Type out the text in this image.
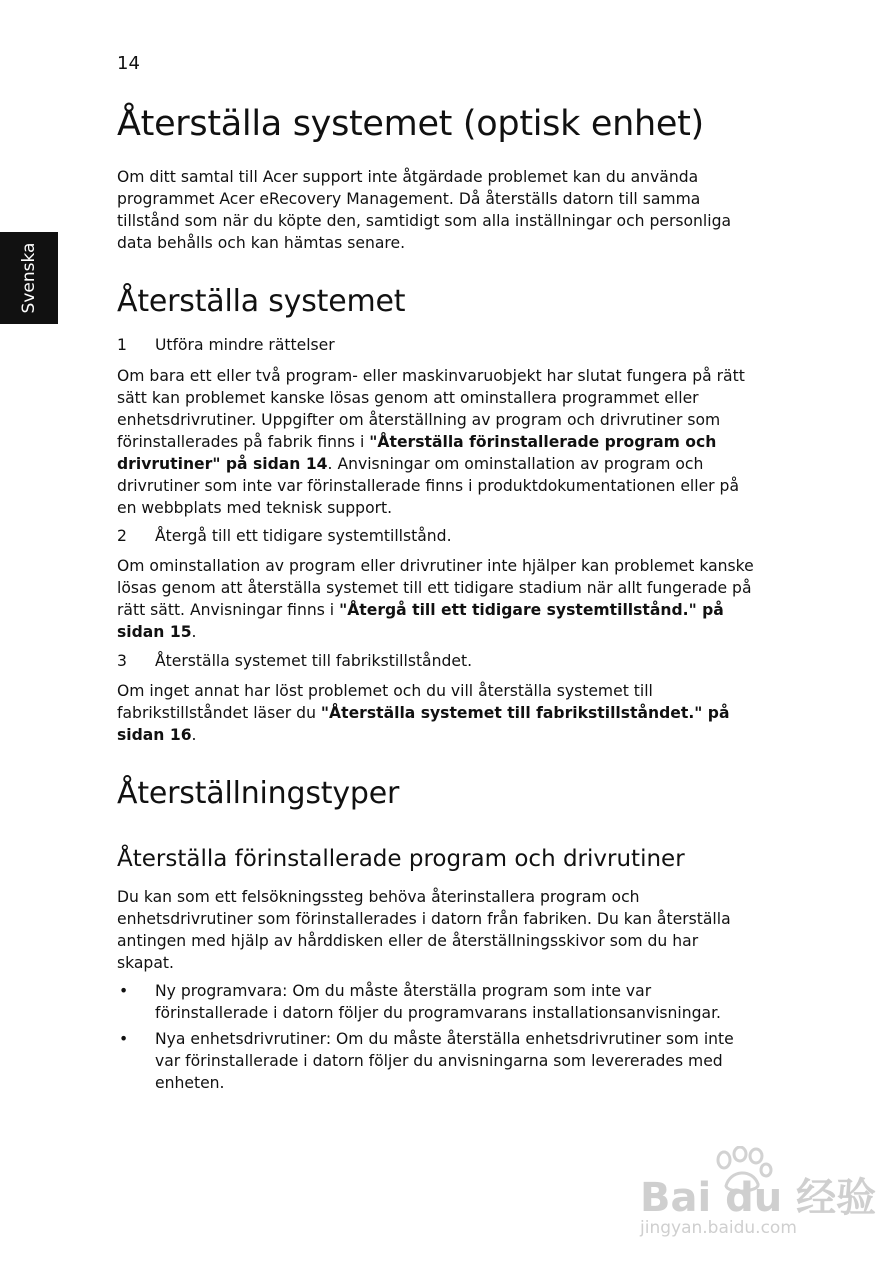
14
Svenska
Återställa systemet (optisk enhet)

Om ditt samtal till Acer support inte åtgärdade problemet kan du använda programmet Acer eRecovery Management. Då återställs datorn till samma tillstånd som när du köpte den, samtidigt som alla inställningar och personliga data behålls och kan hämtas senare.

Återställa systemet

1 Utföra mindre rättelser

Om bara ett eller två program- eller maskinvaruobjekt har slutat fungera på rätt sätt kan problemet kanske lösas genom att ominstallera programmet eller enhetsdrivrutiner. Uppgifter om återställning av program och drivrutiner som förinstallerades på fabrik finns i "Återställa förinstallerade program och drivrutiner" på sidan 14. Anvisningar om ominstallation av program och drivrutiner som inte var förinstallerade finns i produktdokumentationen eller på en webbplats med teknisk support.

2 Återgå till ett tidigare systemtillstånd.

Om ominstallation av program eller drivrutiner inte hjälper kan problemet kanske lösas genom att återställa systemet till ett tidigare stadium när allt fungerade på rätt sätt. Anvisningar finns i "Återgå till ett tidigare systemtillstånd." på sidan 15.

3 Återställa systemet till fabrikstillståndet.

Om inget annat har löst problemet och du vill återställa systemet till fabrikstillståndet läser du "Återställa systemet till fabrikstillståndet." på sidan 16.

Återställningstyper
Återställa förinstallerade program och drivrutiner

Du kan som ett felsökningssteg behöva återinstallera program och enhetsdrivrutiner som förinstallerades i datorn från fabriken. Du kan återställa antingen med hjälp av hårddisken eller de återställningsskivor som du har skapat.

• Ny programvara: Om du måste återställa program som inte var förinstallerade i datorn följer du programvarans installationsanvisningar.
• Nya enhetsdrivrutiner: Om du måste återställa enhetsdrivrutiner som inte var förinstallerade i datorn följer du anvisningarna som levererades med enheten.
Bai du 经验
jingyan.baidu.com
